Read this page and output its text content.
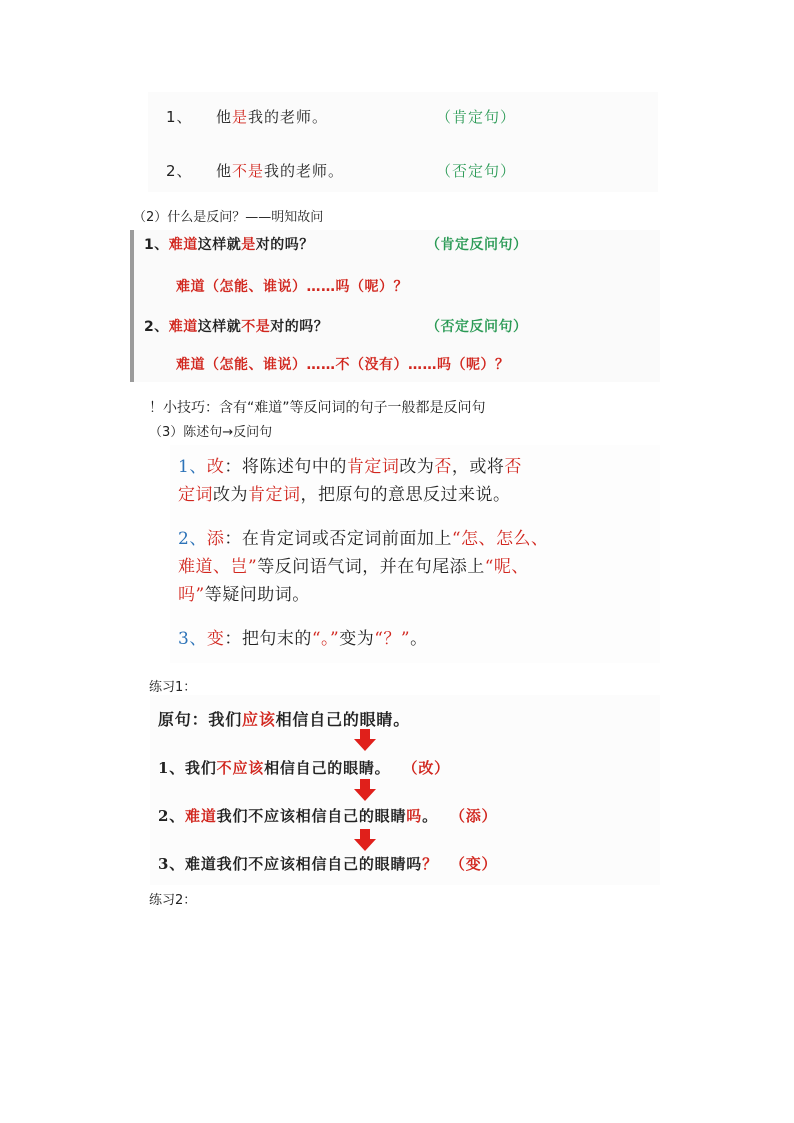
1、 他是我的老师。	（肯定句）
2、 他不是我的老师。	（否定句）
（2）什么是反问？——明知故问
1、难道这样就是对的吗？	（肯定反问句）
难道（怎能、谁说）……吗（呢）？
2、难道这样就不是对的吗？	（否定反问句）
难道（怎能、谁说）……不（没有）……吗（呢）？
！小技巧：含有“难道”等反问词的句子一般都是反问句
（3）陈述句→反问句
1、改：将陈述句中的肯定词改为否，或将否
定词改为肯定词，把原句的意思反过来说。
2、添：在肯定词或否定词前面加上“怎、怎么、
难道、岂”等反问语气词，并在句尾添上“呢、
吗”等疑问助词。
3、变：把句末的“。”变为“？”。
练习1：
原句：我们应该相信自己的眼睛。
1、我们不应该相信自己的眼睛。 （改）
2、难道我们不应该相信自己的眼睛吗。 （添）
3、难道我们不应该相信自己的眼睛吗？ （变）
练习2：
